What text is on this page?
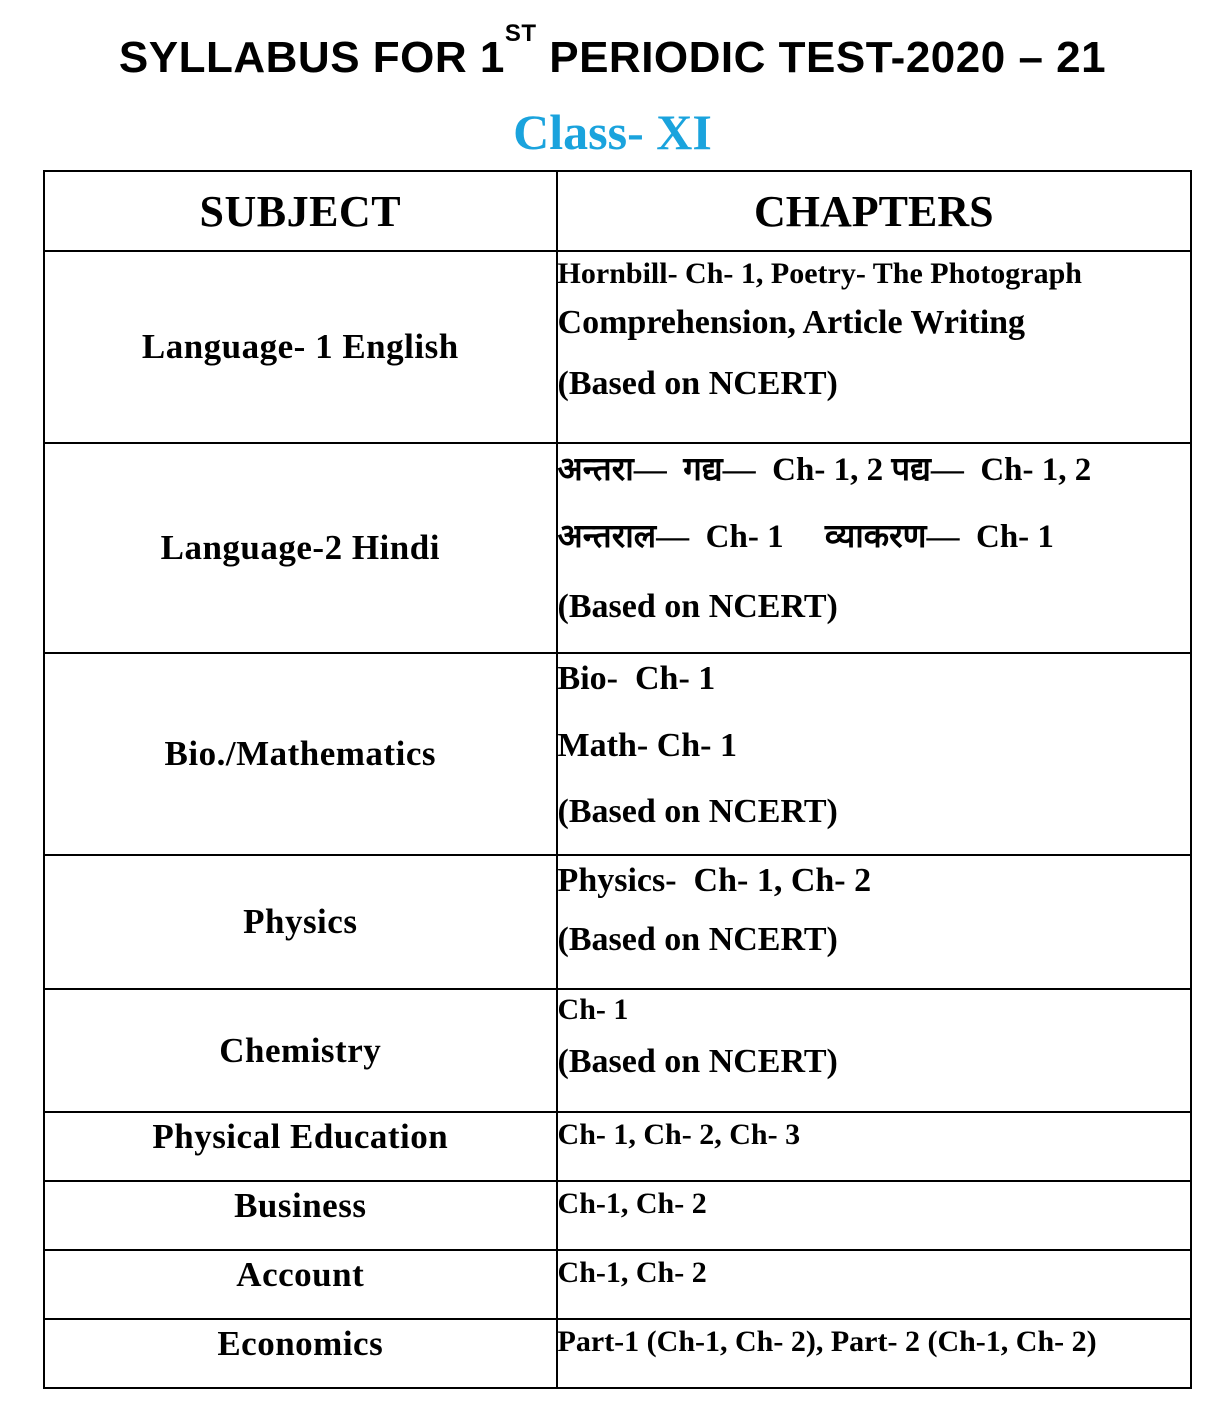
SYLLABUS FOR 1ST PERIODIC TEST-2020 – 21
Class- XI
SUBJECT	CHAPTERS
Language- 1 English	Hornbill- Ch- 1, Poetry- The Photograph
Comprehension, Article Writing
(Based on NCERT)

Language-2 Hindi	अन्तरा—  गद्य—  Ch- 1, 2 पद्य—  Ch- 1, 2
अन्तराल—  Ch- 1     व्याकरण—  Ch- 1
(Based on NCERT)

Bio./Mathematics	Bio-  Ch- 1
Math- Ch- 1
(Based on NCERT)

Physics	Physics-  Ch- 1, Ch- 2
(Based on NCERT)

Chemistry	Ch- 1
(Based on NCERT)

Physical Education	Ch- 1, Ch- 2, Ch- 3

Business	Ch-1, Ch- 2

Account	Ch-1, Ch- 2

Economics	Part-1 (Ch-1, Ch- 2), Part- 2 (Ch-1, Ch- 2)
